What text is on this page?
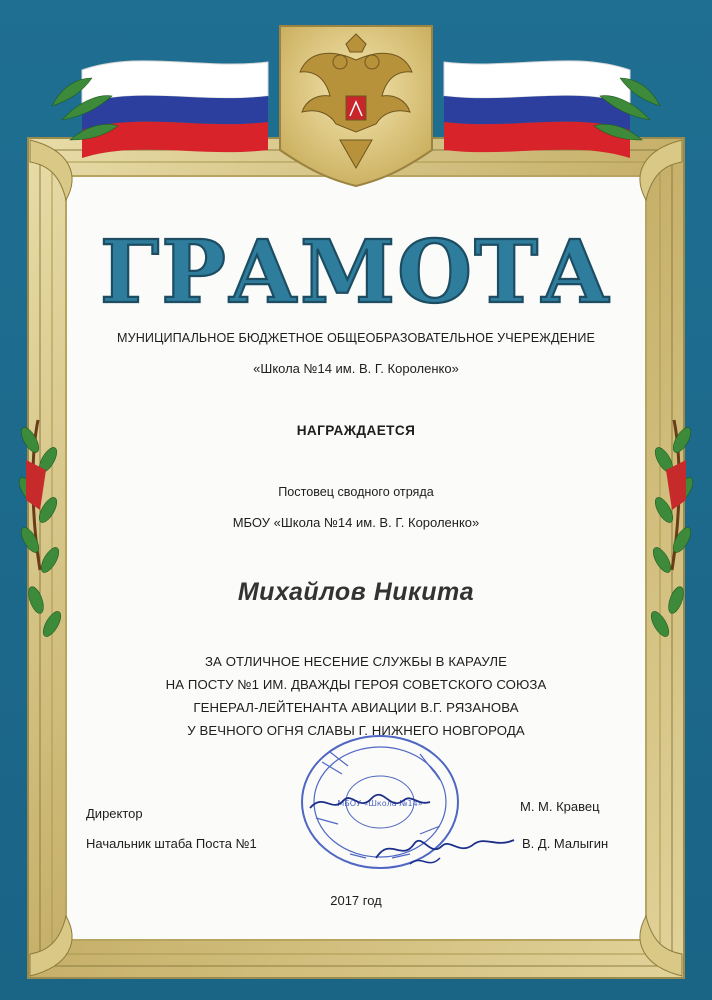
ГРАМОТА
МУНИЦИПАЛЬНОЕ БЮДЖЕТНОЕ ОБЩЕОБРАЗОВАТЕЛЬНОЕ УЧЕРЕЖДЕНИЕ
«Школа №14 им. В. Г. Короленко»
НАГРАЖДАЕТСЯ
Постовец сводного отряда
МБОУ «Школа №14 им. В. Г. Короленко»
Михайлов Никита
ЗА ОТЛИЧНОЕ НЕСЕНИЕ СЛУЖБЫ В КАРАУЛЕ
НА ПОСТУ №1 ИМ. ДВАЖДЫ ГЕРОЯ СОВЕТСКОГО СОЮЗА
ГЕНЕРАЛ-ЛЕЙТЕНАНТА АВИАЦИИ В.Г. РЯЗАНОВА
У ВЕЧНОГО ОГНЯ СЛАВЫ Г. НИЖНЕГО НОВГОРОДА
МБОУ «Школа №14»
Директор	М. М. Кравец
Начальник штаба Поста №1	В. Д. Малыгин
2017 год
